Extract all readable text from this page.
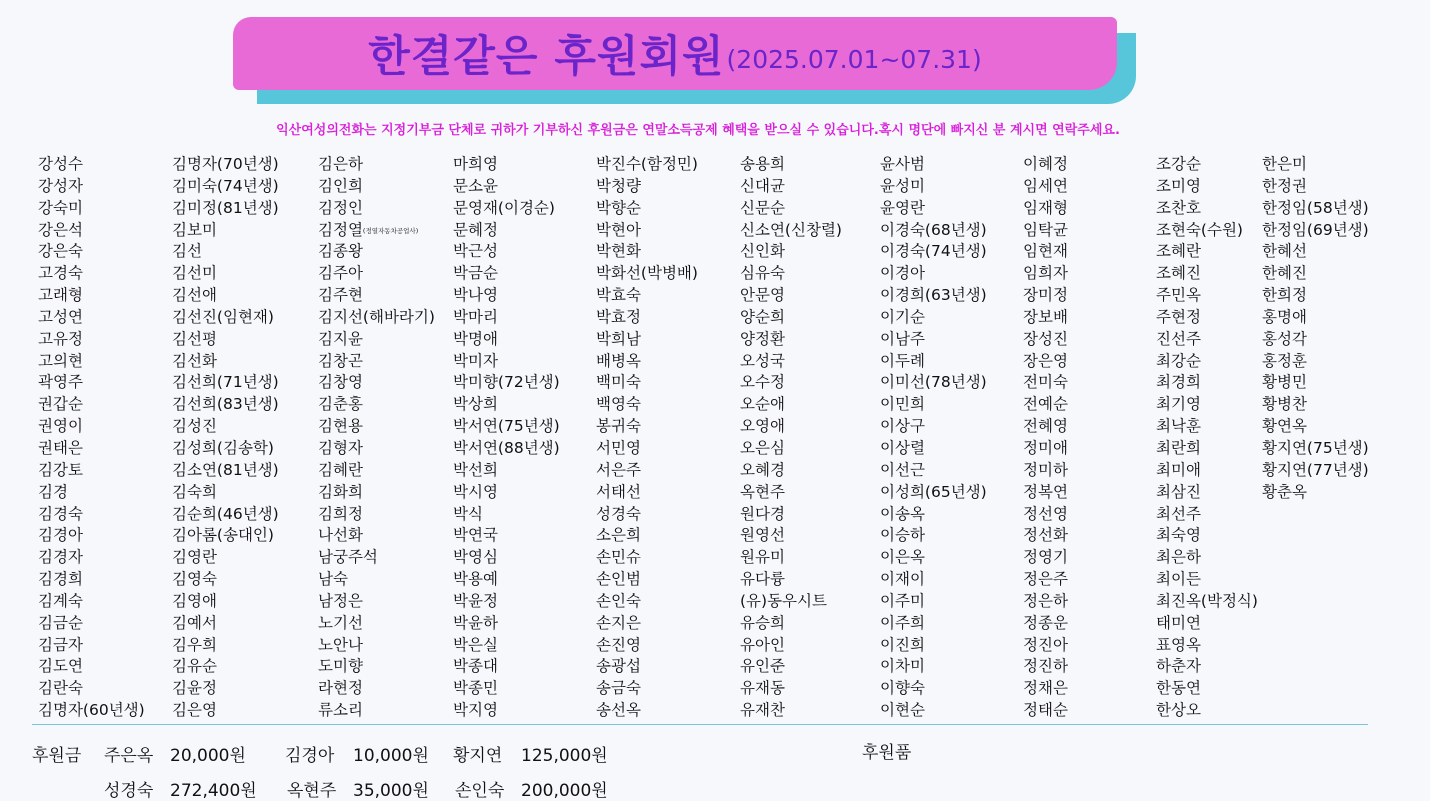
한결같은 후원회원 (2025.07.01~07.31)
익산여성의전화는 지정기부금 단체로 귀하가 기부하신 후원금은 연말소득공제 혜택을 받으실 수 있습니다.혹시 명단에 빠지신 분 계시면 연락주세요.
강성수
강성자
강숙미
강은석
강은숙
고경숙
고래형
고성연
고유정
고의현
곽영주
권갑순
권영이
권태은
김강토
김경
김경숙
김경아
김경자
김경희
김계숙
김금순
김금자
김도연
김란숙
김명자(60년생)
김명자(70년생)
김미숙(74년생)
김미정(81년생)
김보미
김선
김선미
김선애
김선진(임현재)
김선평
김선화
김선희(71년생)
김선희(83년생)
김성진
김성희(김송학)
김소연(81년생)
김숙희
김순희(46년생)
김아롬(송대인)
김영란
김영숙
김영애
김예서
김우희
김유순
김윤정
김은영
김은하
김인희
김정인
김정열(정열자동차공업사)
김종왕
김주아
김주현
김지선(해바라기)
김지윤
김창곤
김창영
김춘홍
김현용
김형자
김혜란
김화희
김희정
나선화
남궁주석
남숙
남정은
노기선
노안나
도미향
라현정
류소리
마희영
문소윤
문영재(이경순)
문혜정
박근성
박금순
박나영
박마리
박명애
박미자
박미향(72년생)
박상희
박서연(75년생)
박서연(88년생)
박선희
박시영
박식
박연국
박영심
박용예
박윤정
박윤하
박은실
박종대
박종민
박지영
박진수(함정민)
박청량
박향순
박현아
박현화
박화선(박병배)
박효숙
박효정
박희남
배병옥
백미숙
백영숙
봉귀숙
서민영
서은주
서태선
성경숙
소은희
손민슈
손인범
손인숙
손지은
손진영
송광섭
송금숙
송선옥
송용희
신대균
신문순
신소연(신창렬)
신인화
심유숙
안문영
양순희
양정환
오성국
오수정
오순애
오영애
오은심
오혜경
옥현주
원다경
원영선
원유미
유다륭
(유)동우시트
유승희
유아인
유인준
유재동
유재찬
윤사범
윤성미
윤영란
이경숙(68년생)
이경숙(74년생)
이경아
이경희(63년생)
이기순
이남주
이두례
이미선(78년생)
이민희
이상구
이상렬
이선근
이성희(65년생)
이송옥
이승하
이은옥
이재이
이주미
이주희
이진희
이차미
이향숙
이현순
이혜정
임세연
임재형
임탁균
임현재
임희자
장미정
장보배
장성진
장은영
전미숙
전예순
전혜영
정미애
정미하
정복연
정선영
정선화
정영기
정은주
정은하
정종운
정진아
정진하
정채은
정태순
조강순
조미영
조찬호
조현숙(수원)
조혜란
조혜진
주민옥
주현정
진선주
최강순
최경희
최기영
최낙훈
최란희
최미애
최삼진
최선주
최숙영
최은하
최이든
최진옥(박정식)
태미연
표영옥
하춘자
한동연
한상오
한은미
한정권
한정임(58년생)
한정임(69년생)
한혜선
한혜진
한희정
홍명애
홍성각
홍정훈
황병민
황병찬
황연옥
황지연(75년생)
황지연(77년생)
황춘옥
후원금 주은옥 20,000원 김경아 10,000원 황지연 125,000원
성경숙 272,400원 옥현주 35,000원 손인숙 200,000원
후원품
